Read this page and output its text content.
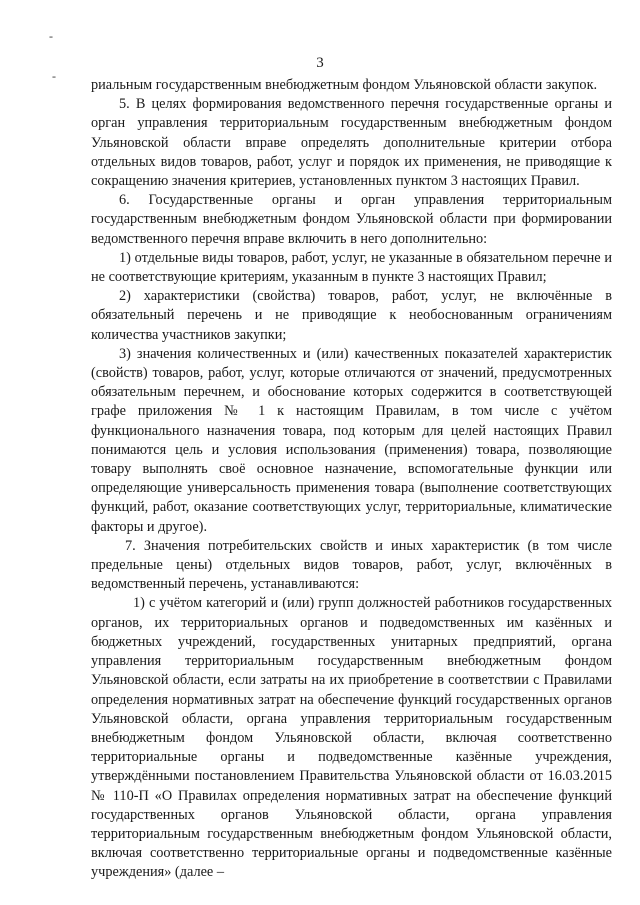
-
-
3

риальным государственным внебюджетным фондом Ульяновской области закупок.

5. В целях формирования ведомственного перечня государственные органы и орган управления территориальным государственным внебюджетным фондом Ульяновской области вправе определять дополнительные критерии отбора отдельных видов товаров, работ, услуг и порядок их применения, не приводящие к сокращению значения критериев, установленных пунктом 3 настоящих Правил.

6. Государственные органы и орган управления территориальным государственным внебюджетным фондом Ульяновской области при формировании ведомственного перечня вправе включить в него дополнительно:

1) отдельные виды товаров, работ, услуг, не указанные в обязательном перечне и не соответствующие критериям, указанным в пункте 3 настоящих Правил;

2) характеристики (свойства) товаров, работ, услуг, не включённые в обязательный перечень и не приводящие к необоснованным ограничениям количества участников закупки;

3) значения количественных и (или) качественных показателей характеристик (свойств) товаров, работ, услуг, которые отличаются от значений, предусмотренных обязательным перечнем, и обоснование которых содержится в соответствующей графе приложения № 1 к настоящим Правилам, в том числе с учётом функционального назначения товара, под которым для целей настоящих Правил понимаются цель и условия использования (применения) товара, позволяющие товару выполнять своё основное назначение, вспомогательные функции или определяющие универсальность применения товара (выполнение соответствующих функций, работ, оказание соответствующих услуг, территориальные, климатические факторы и другое).

7. Значения потребительских свойств и иных характеристик (в том числе предельные цены) отдельных видов товаров, работ, услуг, включённых в ведомственный перечень, устанавливаются:

1) с учётом категорий и (или) групп должностей работников государственных органов, их территориальных органов и подведомственных им казённых и бюджетных учреждений, государственных унитарных предприятий, органа управления территориальным государственным внебюджетным фондом Ульяновской области, если затраты на их приобретение в соответствии с Правилами определения нормативных затрат на обеспечение функций государственных органов Ульяновской области, органа управления территориальным государственным внебюджетным фондом Ульяновской области, включая соответственно территориальные органы и подведомственные казённые учреждения, утверждёнными постановлением Правительства Ульяновской области от 16.03.2015 № 110-П «О Правилах определения нормативных затрат на обеспечение функций государственных органов Ульяновской области, органа управления территориальным государственным внебюджетным фондом Ульяновской области, включая соответственно территориальные органы и подведомственные казённые учреждения» (далее –
